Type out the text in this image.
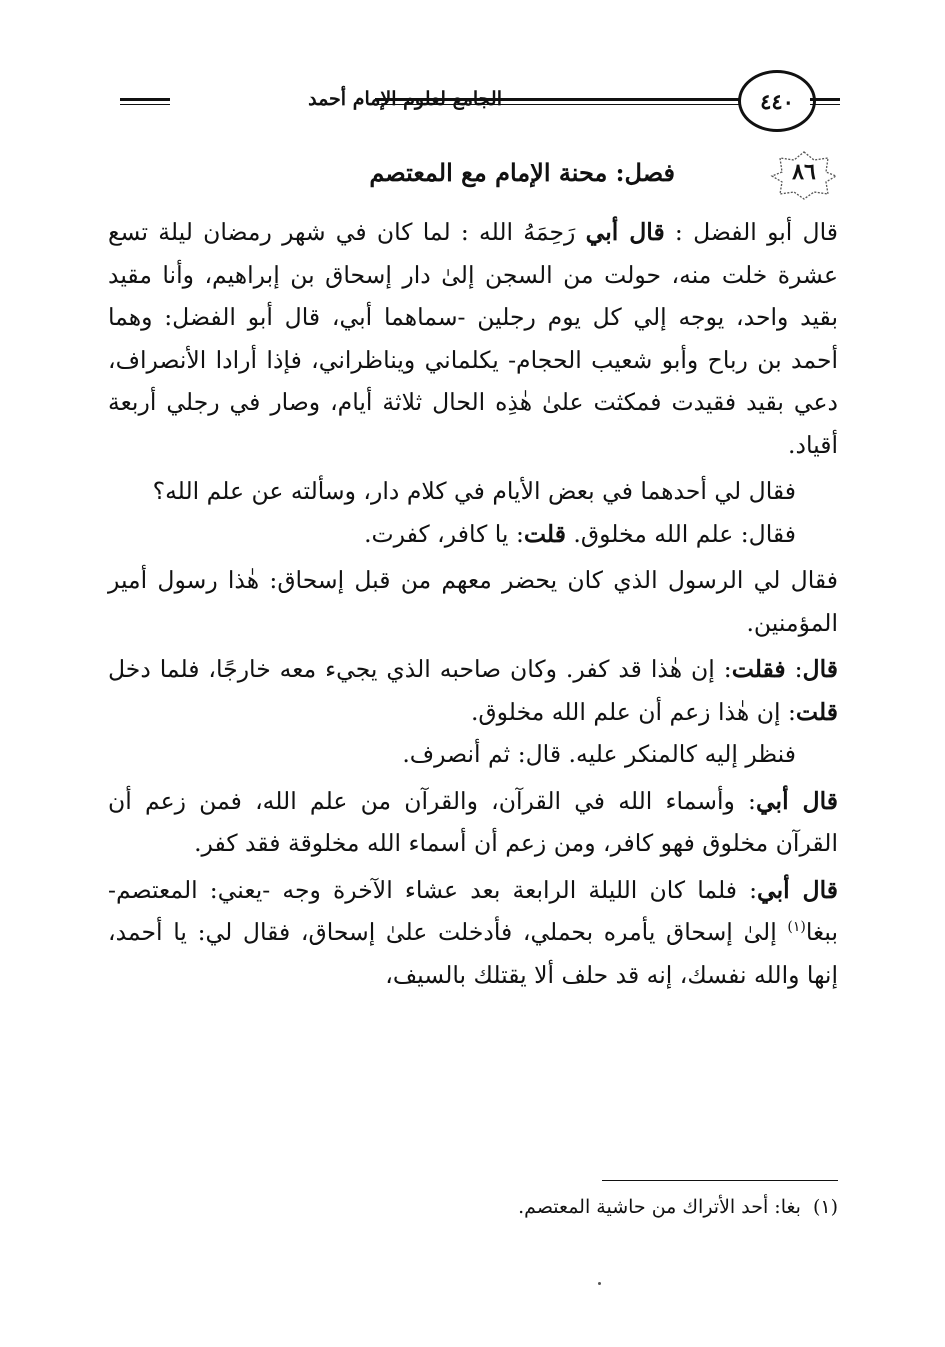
الجامع لعلوم الإمام أحمد	٤٤٠
٨٦
فصل: محنة الإمام مع المعتصم

قال أبو الفضل : قال أبي رَحِمَهُ الله : لما كان في شهر رمضان ليلة تسع عشرة خلت منه، حولت من السجن إلىٰ دار إسحاق بن إبراهيم، وأنا مقيد بقيد واحد، يوجه إلي كل يوم رجلين -سماهما أبي، قال أبو الفضل: وهما أحمد بن رباح وأبو شعيب الحجام- يكلماني ويناظراني، فإذا أرادا الأنصراف، دعي بقيد فقيدت فمكثت علىٰ هٰذِه الحال ثلاثة أيام، وصار في رجلي أربعة أقياد.

فقال لي أحدهما في بعض الأيام في كلام دار، وسألته عن علم الله؟

فقال: علم الله مخلوق. قلت: يا كافر، كفرت.

فقال لي الرسول الذي كان يحضر معهم من قبل إسحاق: هٰذا رسول أمير المؤمنين.

قال: فقلت: إن هٰذا قد كفر. وكان صاحبه الذي يجيء معه خارجًا، فلما دخل قلت: إن هٰذا زعم أن علم الله مخلوق.

فنظر إليه كالمنكر عليه. قال: ثم أنصرف.

قال أبي: وأسماء الله في القرآن، والقرآن من علم الله، فمن زعم أن القرآن مخلوق فهو كافر، ومن زعم أن أسماء الله مخلوقة فقد كفر.

قال أبي: فلما كان الليلة الرابعة بعد عشاء الآخرة وجه -يعني: المعتصم- ببغا$^{(١)}$ إلىٰ إسحاق يأمره بحملي، فأدخلت علىٰ إسحاق، فقال لي: يا أحمد، إنها والله نفسك، إنه قد حلف ألا يقتلك بالسيف،

(١)بغا: أحد الأتراك من حاشية المعتصم.
